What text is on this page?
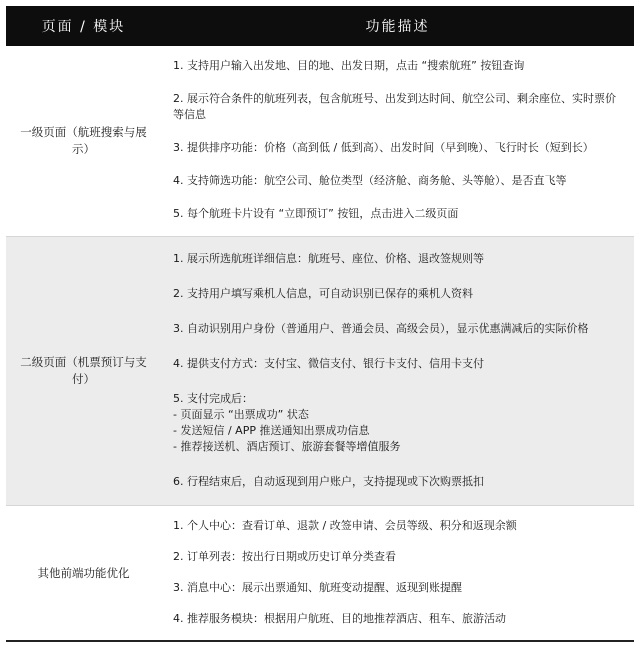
页面 / 模块	功能描述
一级页面（航班搜索与展示）
1. 支持用户输入出发地、目的地、出发日期，点击 “搜索航班” 按钮查询
2. 展示符合条件的航班列表，包含航班号、出发到达时间、航空公司、剩余座位、实时票价等信息
3. 提供排序功能：价格（高到低 / 低到高）、出发时间（早到晚）、飞行时长（短到长）
4. 支持筛选功能：航空公司、舱位类型（经济舱、商务舱、头等舱）、是否直飞等
5. 每个航班卡片设有 “立即预订” 按钮，点击进入二级页面
二级页面（机票预订与支付）
1. 展示所选航班详细信息：航班号、座位、价格、退改签规则等
2. 支持用户填写乘机人信息，可自动识别已保存的乘机人资料
3. 自动识别用户身份（普通用户、普通会员、高级会员），显示优惠满减后的实际价格
4. 提供支付方式：支付宝、微信支付、银行卡支付、信用卡支付
5. 支付完成后：
- 页面显示 “出票成功” 状态
- 发送短信 / APP 推送通知出票成功信息
- 推荐接送机、酒店预订、旅游套餐等增值服务
6. 行程结束后，自动返现到用户账户，支持提现或下次购票抵扣
其他前端功能优化
1. 个人中心：查看订单、退款 / 改签申请、会员等级、积分和返现余额
2. 订单列表：按出行日期或历史订单分类查看
3. 消息中心：展示出票通知、航班变动提醒、返现到账提醒
4. 推荐服务模块：根据用户航班、目的地推荐酒店、租车、旅游活动
